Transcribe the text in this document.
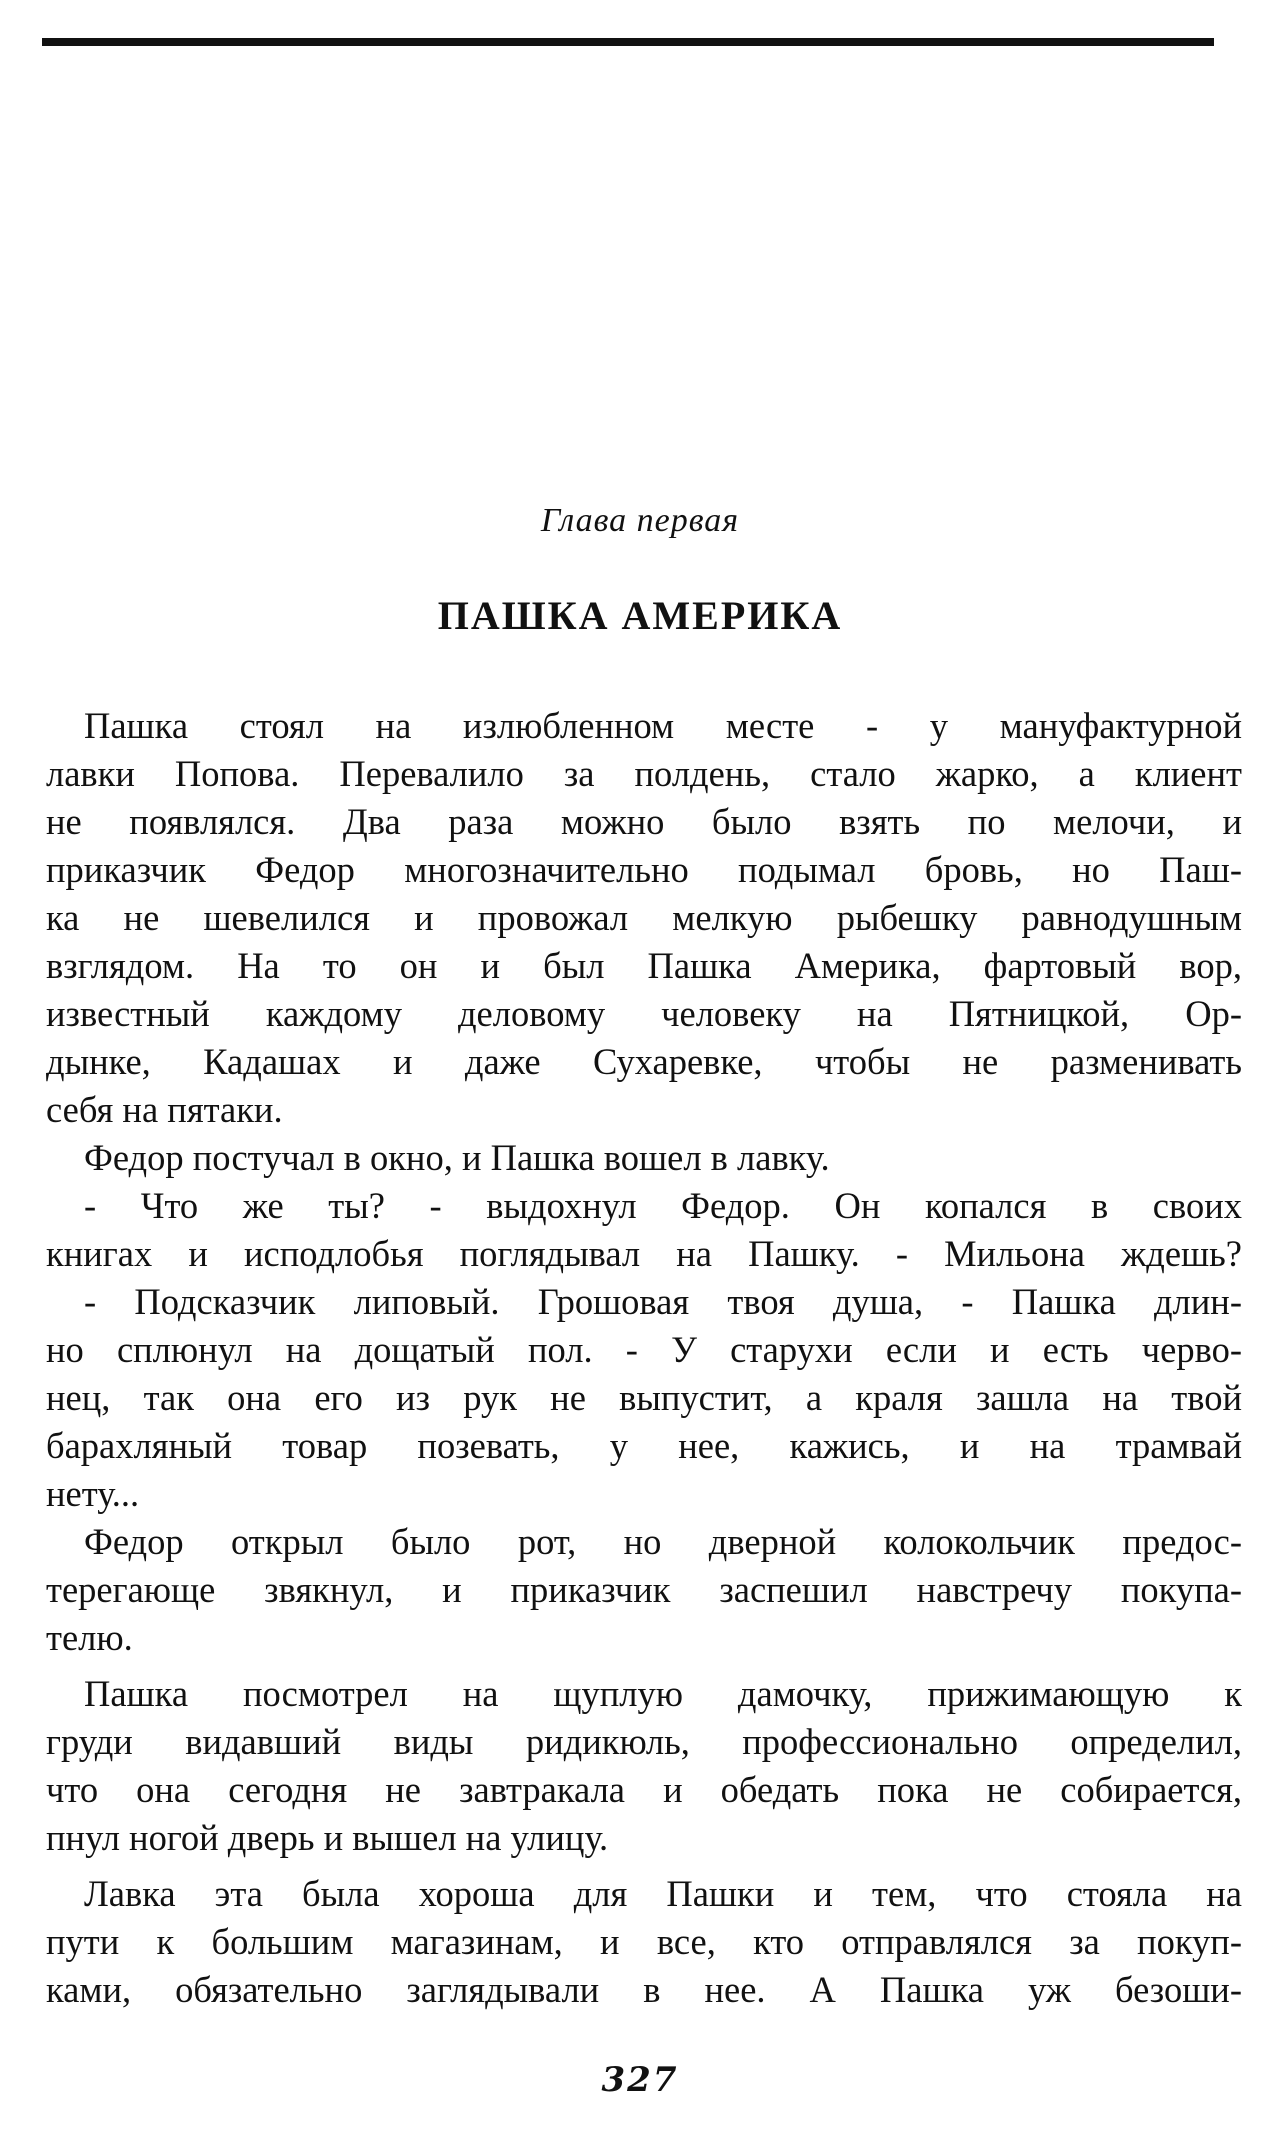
Глава первая
ПАШКА АМЕРИКА
Пашка стоял на излюбленном месте - у мануфактурной
лавки Попова. Перевалило за полдень, стало жарко, а клиент
не появлялся. Два раза можно было взять по мелочи, и
приказчик Федор многозначительно подымал бровь, но Паш-
ка не шевелился и провожал мелкую рыбешку равнодушным
взглядом. На то он и был Пашка Америка, фартовый вор,
известный каждому деловому человеку на Пятницкой, Ор-
дынке, Кадашах и даже Сухаревке, чтобы не разменивать
себя на пятаки.
Федор постучал в окно, и Пашка вошел в лавку.
- Что же ты? - выдохнул Федор. Он копался в своих
книгах и исподлобья поглядывал на Пашку. - Мильона ждешь?
- Подсказчик липовый. Грошовая твоя душа, - Пашка длин-
но сплюнул на дощатый пол. - У старухи если и есть черво-
нец, так она его из рук не выпустит, а краля зашла на твой
барахляный товар позевать, у нее, кажись, и на трамвай
нету...
Федор открыл было рот, но дверной колокольчик предос-
терегающе звякнул, и приказчик заспешил навстречу покупа-
телю.
Пашка посмотрел на щуплую дамочку, прижимающую к
груди видавший виды ридикюль, профессионально определил,
что она сегодня не завтракала и обедать пока не собирается,
пнул ногой дверь и вышел на улицу.
Лавка эта была хороша для Пашки и тем, что стояла на
пути к большим магазинам, и все, кто отправлялся за покуп-
ками, обязательно заглядывали в нее. А Пашка уж безоши-
327
